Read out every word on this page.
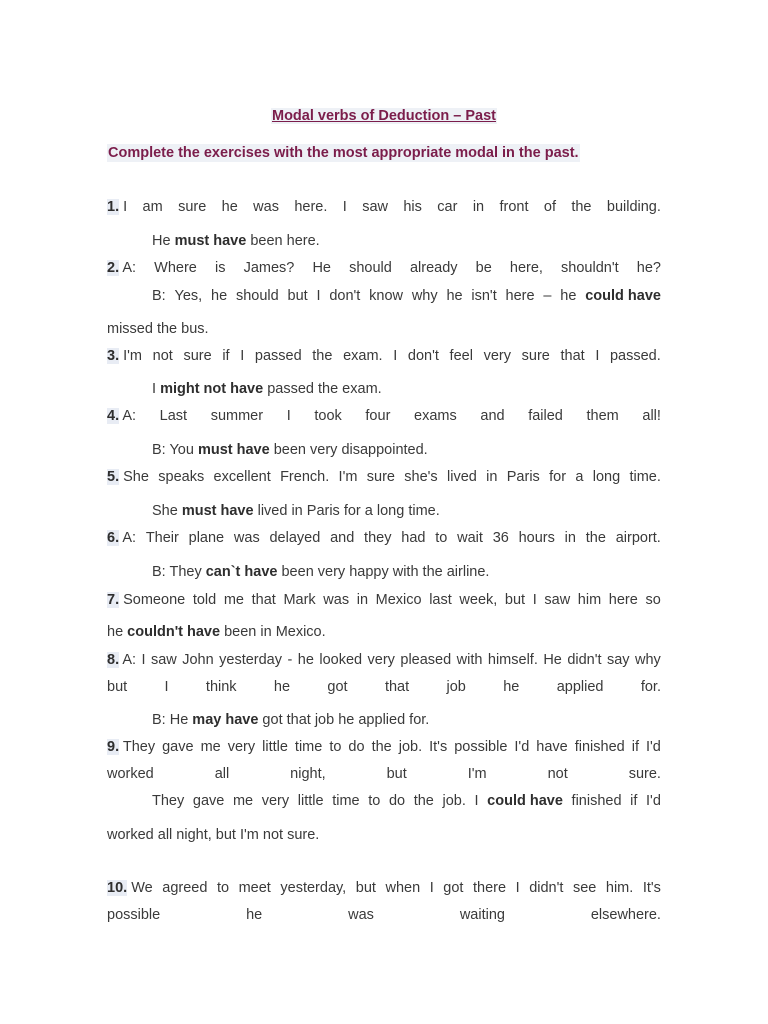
Modal verbs of Deduction – Past
Complete the exercises with the most appropriate modal in the past.
1. I am sure he was here. I saw his car in front of the building.
He must have been here.
2. A: Where is James? He should already be here, shouldn't he?
B: Yes, he should but I don't know why he isn't here – he could have
missed the bus.
3. I'm not sure if I passed the exam. I don't feel very sure that I passed.
I might not have passed the exam.
4. A: Last summer I took four exams and failed them all!
B: You must have been very disappointed.
5. She speaks excellent French. I'm sure she's lived in Paris for a long time.
She must have lived in Paris for a long time.
6. A: Their plane was delayed and they had to wait 36 hours in the airport.
B: They can`t have been very happy with the airline.
7. Someone told me that Mark was in Mexico last week, but I saw him here so
he couldn't have been in Mexico.
8. A: I saw John yesterday - he looked very pleased with himself. He didn't say why
but	I	think	he	got	that	job	he	applied	for.
B: He may have got that job he applied for.
9. They gave me very little time to do the job. It's possible I'd have finished if I'd
worked	all	night,	but	I'm	not	sure.
They gave me very little time to do the job. I could have finished if I'd
worked all night, but I'm not sure.
10. We agreed to meet yesterday, but when I got there I didn't see him. It's
possible	he	was	waiting	elsewhere.
